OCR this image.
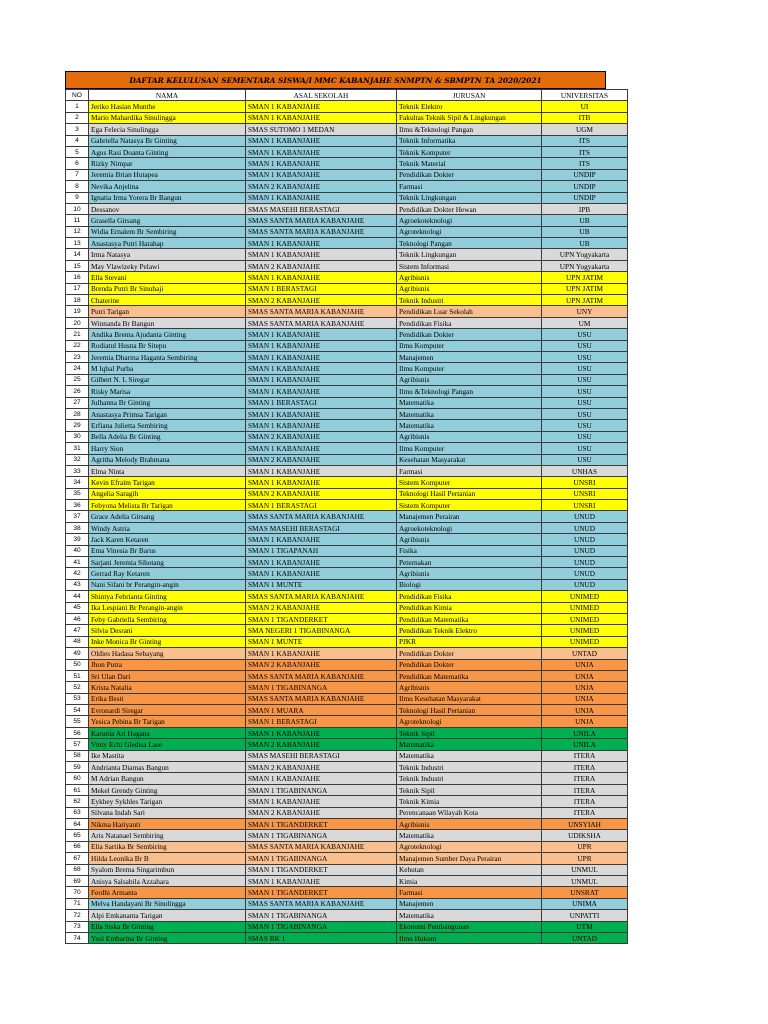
DAFTAR KELULUSAN SEMENTARA SISWA/I MMC KABANJAHE SNMPTN & SBMPTN TA 2020/2021
NO	NAMA	ASAL SEKOLAH	JURUSAN	UNIVERSITAS
1	Jeriko Hasian Munthe	SMAN 1 KABANJAHE	Teknik Elektro	UI
2	Mario Mahardika Sinulingga	SMAN 1 KABANJAHE	Fakultas Teknik Sipil & Lingkungan	ITB
3	Ega Felecia Sinulingga	SMAS SUTOMO 1 MEDAN	Ilmu &Teknologi Pangan	UGM
4	Gabriella Natasya Br Ginting	SMAN 1 KABANJAHE	Teknik Informatika	ITS
5	Agus Rasi Doanta Ginting	SMAN 1 KABANJAHE	Teknik Komputer	ITS
6	Rizky Nimpar	SMAN 1 KABANJAHE	Teknik Material	ITS
7	Jeremia Brian Hutapea	SMAN 1 KABANJAHE	Pendidikan Dokter	UNDIP
8	Nevika Anjelina	SMAN 2 KABANJAHE	Farmasi	UNDIP
9	Ignatia Irma Yorera Br Bangun	SMAN 1 KABANJAHE	Teknik Lingkungan	UNDIP
10	Dessanov	SMAS MASEHI BERASTAGI	Pendidikan Dokter Hewan	IPB
11	Grasella Girsang	SMAS SANTA MARIA KABANJAHE	Agroekoteknologi	UB
12	Widia Ernalem Br Sembiring	SMAS SANTA MARIA KABANJAHE	Agroteknologi	UB
13	Anastasya Putri Harahap	SMAN 1 KABANJAHE	Teknologi Pangan	UB
14	Irma Natasya	SMAN 1 KABANJAHE	Teknik Lingkungan	UPN Yogyakarta
15	May Vlawizeky Pelawi	SMAN 2 KABANJAHE	Sistem Informasi	UPN Yogyakarta
16	Ella Stevani	SMAN 1 KABANJAHE	Agribisnis	UPN JATIM
17	Brenda Putri Br Sinuhaji	SMAN 1 BERASTAGI	Agribisnis	UPN JATIM
18	Chaterine	SMAN 2 KABANJAHE	Teknik Industri	UPN JATIM
19	Putri Tarigan	SMAS SANTA MARIA KABANJAHE	Pendidikan Luar Sekolah	UNY
20	Winnanda Br Bangun	SMAS SANTA MARIA KABANJAHE	Pendidikan Fisika	UM
21	Andika Brema Ajudanta Ginting	SMAN 1 KABANJAHE	Pendidikan Dokter	USU
22	Rodiatul Husna Br Sitepu	SMAN 1 KABANJAHE	Ilmu Komputer	USU
23	Jeremia Dharma Haganta Sembiring	SMAN 1 KABANJAHE	Manajemen	USU
24	M Iqbal Purba	SMAN 1 KABANJAHE	Ilmu Komputer	USU
25	Gilbert N. L Siregar	SMAN 1 KABANJAHE	Agribisnis	USU
26	Risky Marisa	SMAN 1 KABANJAHE	Ilmu &Teknologi Pangan	USU
27	Julhanna Br Ginting	SMAN 1 BERASTAGI	Matematika	USU
28	Anastasya Primsa Tarigan	SMAN 1 KABANJAHE	Matematika	USU
29	Erfiana Julietta Sembiring	SMAN 1 KABANJAHE	Matematika	USU
30	Bella Adelia Br Ginting	SMAN 2 KABANJAHE	Agribisnis	USU
31	Harry Sion	SMAN 1 KABANJAHE	Ilmu Komputer	USU
32	Agritha Melody Brahmana	SMAN 2 KABANJAHE	Kesehatan Masyarakat	USU
33	Elma Ninta	SMAN 1 KABANJAHE	Farmasi	UNHAS
34	Kevin Efraim Tarigan	SMAN 1 KABANJAHE	Sistem Komputer	UNSRI
35	Angelia Saragih	SMAN 2 KABANJAHE	Teknologi Hasil Pertanian	UNSRI
36	Febyona Melista Br Tarigan	SMAN 1 BERASTAGI	Sistem Komputer	UNSRI
37	Grace Adelia Girsang	SMAS SANTA MARIA KABANJAHE	Manajemen Perairan	UNUD
38	Windy Astria	SMAS MASEHI BERASTAGI	Agroekoteknologi	UNUD
39	Jack Karen Ketaren	SMAN 1 KABANJAHE	Agribisnis	UNUD
40	Ema Vinesia Br Barus	SMAN 1 TIGAPANAH	Fisika	UNUD
41	Sarjani Jeremia Sihotang	SMAN 1 KABANJAHE	Peternakan	UNUD
42	Gerrad Ray Ketaren	SMAN 1 KABANJAHE	Agribisnis	UNUD
43	Nani Sifani br Perangin-angin	SMAN 1 MUNTE	Biologi	UNUD
44	Shintya Febrianta Ginting	SMAS SANTA MARIA KABANJAHE	Pendidikan Fisika	UNIMED
45	Ika Lespiani Br Perangin-angin	SMAN 2 KABANJAHE	Pendidikan Kimia	UNIMED
46	Feby Gabriella Sembiring	SMAN 1 TIGANDERKET	Pendidikan Matematika	UNIMED
47	Silvia Desrani	SMA NEGERI 1 TIGABINANGA	Pendidikan Teknik Elektro	UNIMED
48	Inke Monica Br Ginting	SMAN 1 MUNTE	PJKR	UNIMED
49	Oldies Hadasa Sebayang	SMAN 1 KABANJAHE	Pendidikan Dokter	UNTAD
50	Jhon Putra	SMAN 2 KABANJAHE	Pendidikan Dokter	UNJA
51	Sri Ulan Dari	SMAS SANTA MARIA KABANJAHE	Pendidikan Matematika	UNJA
52	Krista Natalia	SMAN 1 TIGABINANGA	Agribisnis	UNJA
53	Erika Besti	SMAS SANTA MARIA KABANJAHE	Ilmu Kesehatan Masyarakat	UNJA
54	Evronardi Siregar	SMAN 1 MUARA	Teknologi Hasil Pertanian	UNJA
55	Yesica Pebina Br Tarigan	SMAN 1 BERASTAGI	Agroteknologi	UNJA
56	Karunia Ari Hagana	SMAN 1 KABANJAHE	Teknik Sipil	UNILA
57	Vinty Echi Gledisa Lase	SMAN 2 KABANJAHE	Matematika	UNILA
58	Ike Mastita	SMAS MASEHI BERASTAGI	Matematika	ITERA
59	Andrianta Diamas Bangun	SMAN 2 KABANJAHE	Teknik Industri	ITERA
60	M Adrian Bangun	SMAN 1 KABANJAHE	Teknik Industri	ITERA
61	Mekel Grendy Ginting	SMAN 1 TIGABINANGA	Teknik Sipil	ITERA
62	Eykhey Sykhles Tarigan	SMAN 1 KABANJAHE	Teknik Kimia	ITERA
63	Silvana Indah Sari	SMAN 2 KABANJAHE	Perencanaan Wilayah Kota	ITERA
64	Nikma Hariyanti	SMAN 1 TIGANDERKET	Agribisnis	UNSYIAH
65	Aris Natanael Sembiring	SMAN 1 TIGABINANGA	Matematika	UDIKSHA
66	Elia Sartika Br Sembiring	SMAS SANTA MARIA KABANJAHE	Agroteknologi	UPR
67	Hilda Leonika Br B	SMAN 1 TIGABINANGA	Manajemen Sumber Daya Perairan	UPR
68	Syalom Brema Singarimbun	SMAN 1 TIGANDERKET	Kehutan	UNMUL
69	Anisya Salsabila Azzahara	SMAN 1 KABANJAHE	Kimia	UNMUL
70	Ferdhi Armanta	SMAN 1 TIGANDERKET	Farmasi	UNSRAT
71	Melva Handayani Br Sinulingga	SMAS SANTA MARIA KABANJAHE	Manajemen	UNIMA
72	Alpi Emkananta Tarigan	SMAN 1 TIGABINANGA	Matematika	UNPATTI
73	Ella Siska Br Ginting	SMAN 1 TIGABINANGA	Ekonomi Pembangunan	UTM
74	Yosi Embarina Br Ginting	SMAS RK 1	Ilmu Hukum	UNTAD
